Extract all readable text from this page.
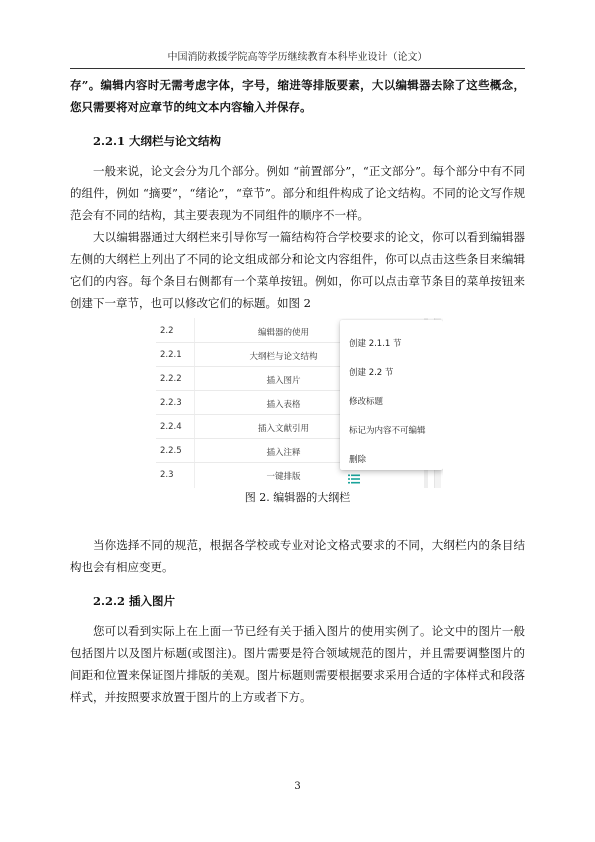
中国消防救援学院高等学历继续教育本科毕业设计（论文）

存”。编辑内容时无需考虑字体，字号，缩进等排版要素，大以编辑器去除了这些概念，您只需要将对应章节的纯文本内容输入并保存。

2.2.1 大纲栏与论文结构

一般来说，论文会分为几个部分。例如 “前置部分”，“正文部分”。每个部分中有不同的组件，例如 “摘要”，“绪论”，“章节”。部分和组件构成了论文结构。不同的论文写作规范会有不同的结构，其主要表现为不同组件的顺序不一样。

大以编辑器通过大纲栏来引导你写一篇结构符合学校要求的论文，你可以看到编辑器左侧的大纲栏上列出了不同的论文组成部分和论文内容组件，你可以点击这些条目来编辑它们的内容。每个条目右侧都有一个菜单按钮。例如，你可以点击章节条目的菜单按钮来创建下一章节，也可以修改它们的标题。如图 2

2.2	编辑器的使用
2.2.1	大纲栏与论文结构
2.2.2	插入图片
2.2.3	插入表格
2.2.4	插入文献引用
2.2.5	插入注释
2.3	一键排版
创建 2.1.1 节
创建 2.2 节
修改标题
标记为内容不可编辑
删除

图 2. 编辑器的大纲栏

当你选择不同的规范，根据各学校或专业对论文格式要求的不同，大纲栏内的条目结构也会有相应变更。

2.2.2 插入图片

您可以看到实际上在上面一节已经有关于插入图片的使用实例了。论文中的图片一般包括图片以及图片标题(或图注)。图片需要是符合领域规范的图片，并且需要调整图片的间距和位置来保证图片排版的美观。图片标题则需要根据要求采用合适的字体样式和段落样式，并按照要求放置于图片的上方或者下方。

3
